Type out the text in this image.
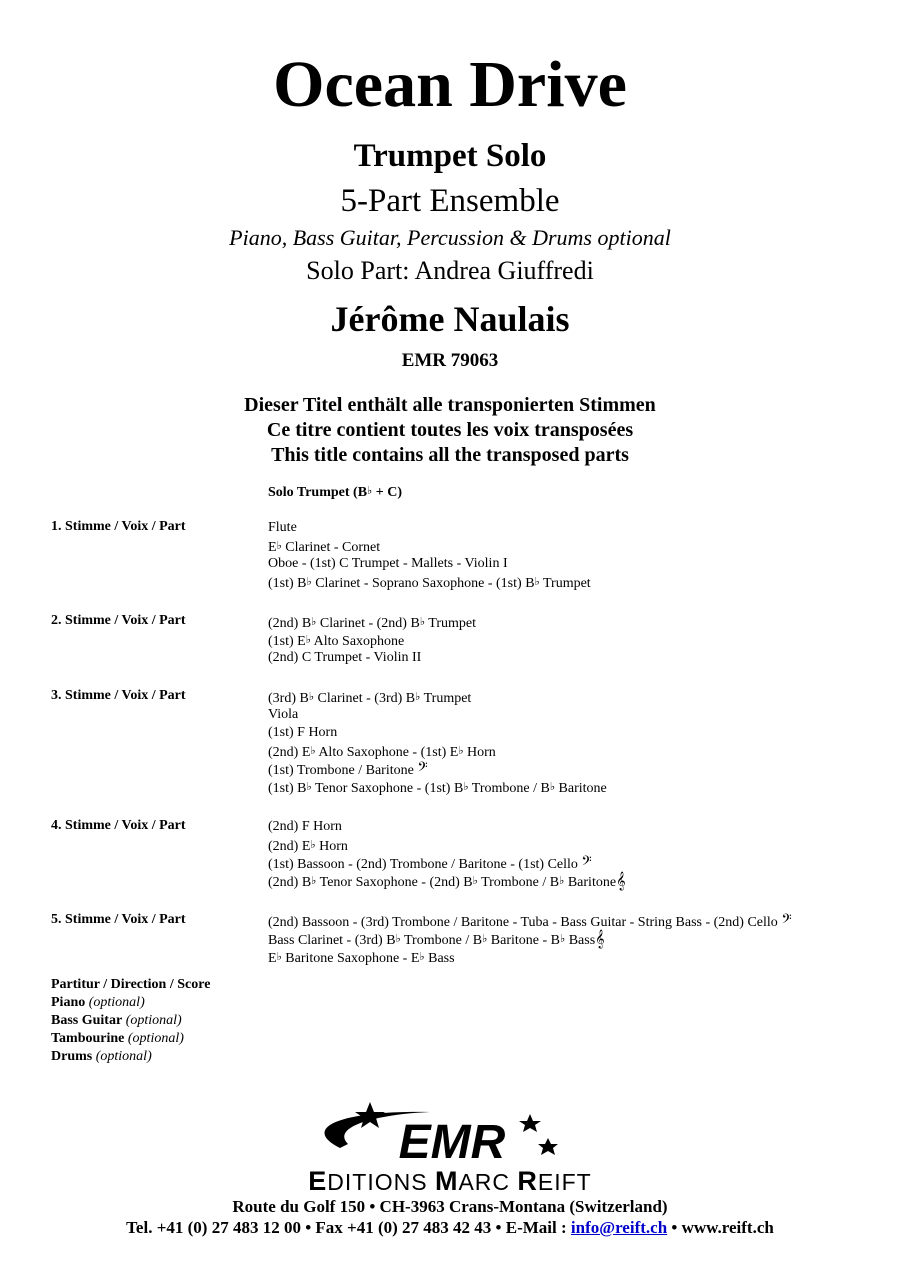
Ocean Drive
Trumpet Solo
5-Part Ensemble
Piano, Bass Guitar, Percussion & Drums optional
Solo Part: Andrea Giuffredi
Jérôme Naulais
EMR 79063
Dieser Titel enthält alle transponierten Stimmen
Ce titre contient toutes les voix transposées
This title contains all the transposed parts
Solo Trumpet (B♭ + C)
1. Stimme / Voix / Part	Flute
E♭ Clarinet - Cornet
Oboe - (1st) C Trumpet - Mallets - Violin I
(1st) B♭ Clarinet - Soprano Saxophone - (1st) B♭ Trumpet
2. Stimme / Voix / Part	(2nd) B♭ Clarinet - (2nd) B♭ Trumpet
(1st) E♭ Alto Saxophone
(2nd) C Trumpet - Violin II
3. Stimme / Voix / Part	(3rd) B♭ Clarinet - (3rd) B♭ Trumpet
Viola
(1st) F Horn
(2nd) E♭ Alto Saxophone - (1st) E♭ Horn
(1st) Trombone / Baritone 𝄢
(1st) B♭ Tenor Saxophone - (1st) B♭ Trombone / B♭ Baritone
4. Stimme / Voix / Part	(2nd) F Horn
(2nd) E♭ Horn
(1st) Bassoon - (2nd) Trombone / Baritone - (1st) Cello 𝄢
(2nd) B♭ Tenor Saxophone - (2nd) B♭ Trombone / B♭ Baritone𝄞
5. Stimme / Voix / Part	(2nd) Bassoon - (3rd) Trombone / Baritone - Tuba - Bass Guitar - String Bass - (2nd) Cello 𝄢
Bass Clarinet - (3rd) B♭ Trombone / B♭ Baritone - B♭ Bass𝄞
E♭ Baritone Saxophone - E♭ Bass
Partitur / Direction / Score
Piano (optional)
Bass Guitar (optional)
Tambourine (optional)
Drums (optional)
EMR
EDITIONS MARC REIFT
Route du Golf 150 • CH-3963 Crans-Montana (Switzerland)
Tel. +41 (0) 27 483 12 00 • Fax +41 (0) 27 483 42 43 • E-Mail : info@reift.ch • www.reift.ch
